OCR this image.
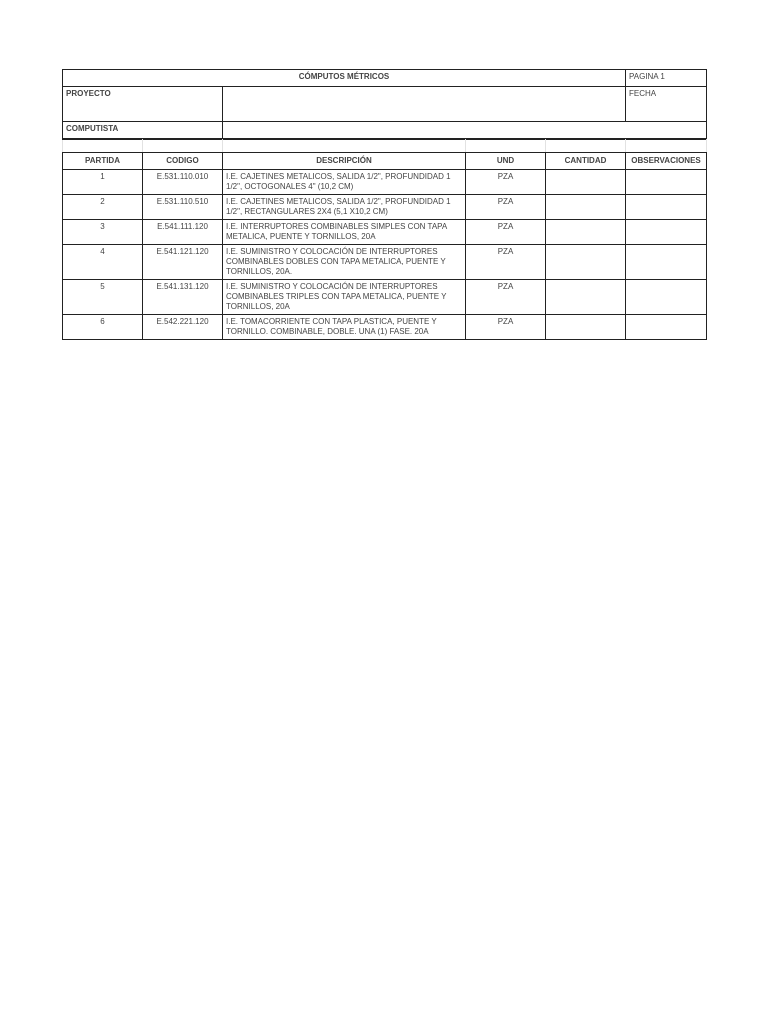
CÓMPUTOS MÉTRICOS		PAGINA 1
PROYECTO		FECHA
COMPUTISTA		

PARTIDA	CODIGO	DESCRIPCIÓN	UND	CANTIDAD	OBSERVACIONES
1	E.531.110.010	I.E. CAJETINES METALICOS, SALIDA 1/2", PROFUNDIDAD 1 1/2", OCTOGONALES 4" (10,2 CM)	PZA		
2	E.531.110.510	I.E. CAJETINES METALICOS, SALIDA 1/2", PROFUNDIDAD 1 1/2", RECTANGULARES 2X4 (5,1 X10,2 CM)	PZA		
3	E.541.111.120	I.E. INTERRUPTORES COMBINABLES SIMPLES CON TAPA METALICA, PUENTE Y TORNILLOS, 20A	PZA		
4	E.541.121.120	I.E. SUMINISTRO Y COLOCACIÓN DE INTERRUPTORES COMBINABLES DOBLES CON TAPA METALICA, PUENTE Y TORNILLOS, 20A.	PZA		
5	E.541.131.120	I.E. SUMINISTRO Y COLOCACIÓN DE INTERRUPTORES COMBINABLES TRIPLES CON TAPA METALICA, PUENTE Y TORNILLOS, 20A	PZA		
6	E.542.221.120	I.E. TOMACORRIENTE CON TAPA PLASTICA, PUENTE Y TORNILLO. COMBINABLE, DOBLE. UNA (1) FASE. 20A	PZA		
